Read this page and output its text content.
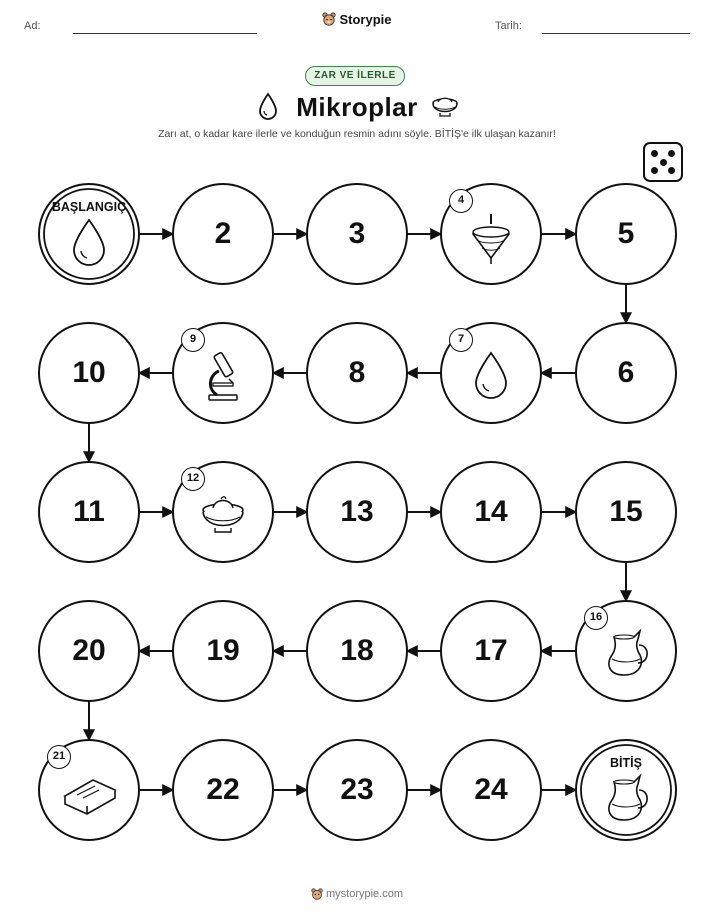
Ad:	Storypie	Tarih:
ZAR VE İLERLE
Mikroplar
Zarı at, o kadar kare ilerle ve konduğun resmin adını söyle. BİTİŞ'e ilk ulaşan kazanır!
BAŞLANGIÇ
2	3
4
5
6
7
8
9
10
11
12
13	14	15
16
17
18
19
20
21
22	23	24
BİTİŞ
mystorypie.com
